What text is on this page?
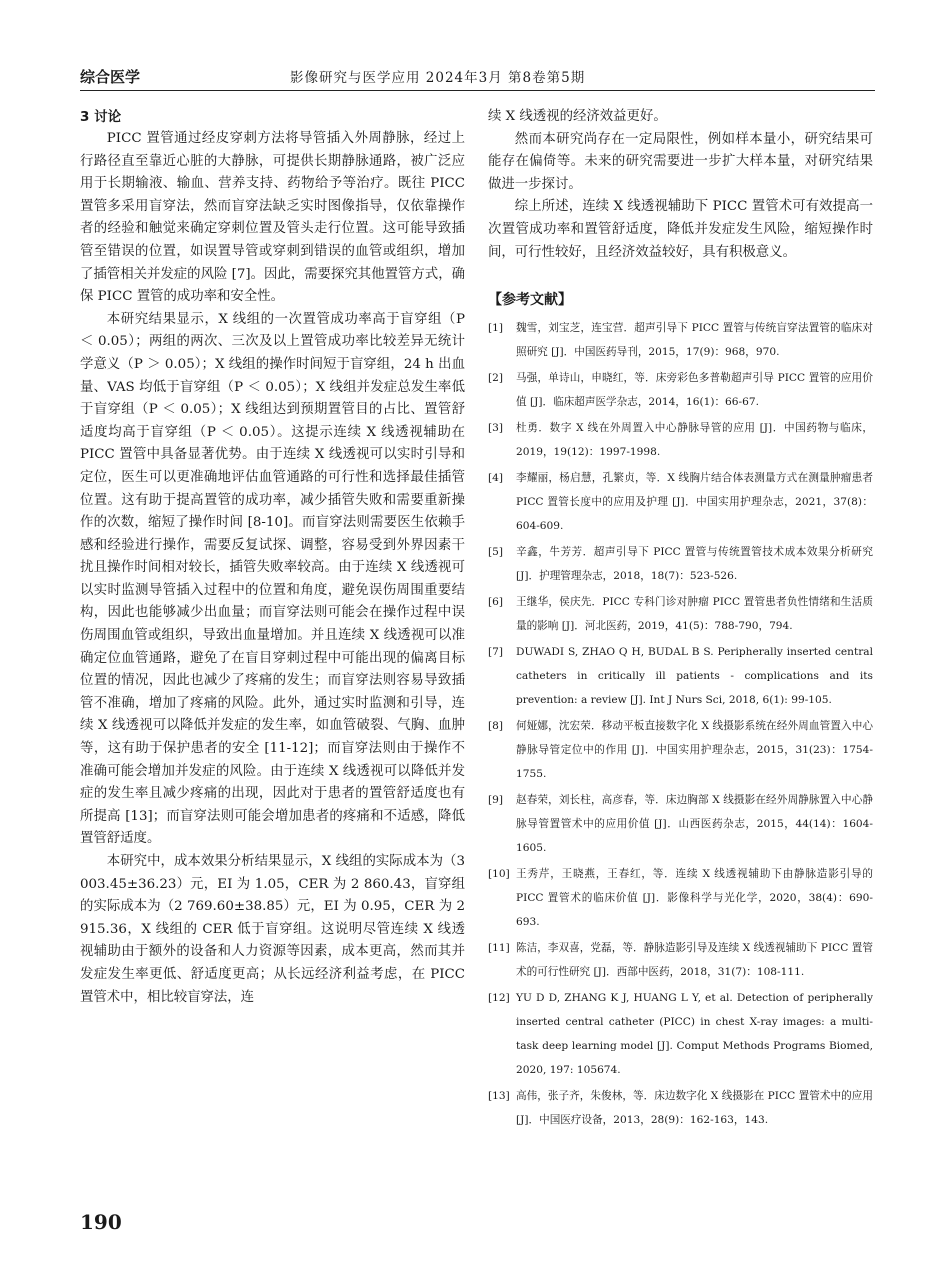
综合医学	影像研究与医学应用 2024年3月 第8卷第5期
3 讨论

PICC 置管通过经皮穿刺方法将导管插入外周静脉，经过上行路径直至靠近心脏的大静脉，可提供长期静脉通路，被广泛应用于长期输液、输血、营养支持、药物给予等治疗。既往 PICC 置管多采用盲穿法，然而盲穿法缺乏实时图像指导，仅依靠操作者的经验和触觉来确定穿刺位置及管头走行位置。这可能导致插管至错误的位置，如误置导管或穿刺到错误的血管或组织，增加了插管相关并发症的风险 [7]。因此，需要探究其他置管方式，确保 PICC 置管的成功率和安全性。

本研究结果显示，X 线组的一次置管成功率高于盲穿组（P ＜ 0.05）；两组的两次、三次及以上置管成功率比较差异无统计学意义（P ＞ 0.05）；X 线组的操作时间短于盲穿组，24 h 出血量、VAS 均低于盲穿组（P ＜ 0.05）；X 线组并发症总发生率低于盲穿组（P ＜ 0.05）；X 线组达到预期置管目的占比、置管舒适度均高于盲穿组（P ＜ 0.05）。这提示连续 X 线透视辅助在 PICC 置管中具备显著优势。由于连续 X 线透视可以实时引导和定位，医生可以更准确地评估血管通路的可行性和选择最佳插管位置。这有助于提高置管的成功率，减少插管失败和需要重新操作的次数，缩短了操作时间 [8-10]。而盲穿法则需要医生依赖手感和经验进行操作，需要反复试探、调整，容易受到外界因素干扰且操作时间相对较长，插管失败率较高。由于连续 X 线透视可以实时监测导管插入过程中的位置和角度，避免误伤周围重要结构，因此也能够减少出血量；而盲穿法则可能会在操作过程中误伤周围血管或组织，导致出血量增加。并且连续 X 线透视可以准确定位血管通路，避免了在盲目穿刺过程中可能出现的偏离目标位置的情况，因此也减少了疼痛的发生；而盲穿法则容易导致插管不准确，增加了疼痛的风险。此外，通过实时监测和引导，连续 X 线透视可以降低并发症的发生率，如血管破裂、气胸、血肿等，这有助于保护患者的安全 [11-12]；而盲穿法则由于操作不准确可能会增加并发症的风险。由于连续 X 线透视可以降低并发症的发生率且减少疼痛的出现，因此对于患者的置管舒适度也有所提高 [13]；而盲穿法则可能会增加患者的疼痛和不适感，降低置管舒适度。

本研究中，成本效果分析结果显示，X 线组的实际成本为（3 003.45±36.23）元，EI 为 1.05，CER 为 2 860.43，盲穿组的实际成本为（2 769.60±38.85）元，EI 为 0.95，CER 为 2 915.36，X 线组的 CER 低于盲穿组。这说明尽管连续 X 线透视辅助由于额外的设备和人力资源等因素，成本更高，然而其并发症发生率更低、舒适度更高；从长远经济利益考虑，在 PICC 置管术中，相比较盲穿法，连

续 X 线透视的经济效益更好。

然而本研究尚存在一定局限性，例如样本量小，研究结果可能存在偏倚等。未来的研究需要进一步扩大样本量，对研究结果做进一步探讨。

综上所述，连续 X 线透视辅助下 PICC 置管术可有效提高一次置管成功率和置管舒适度，降低并发症发生风险，缩短操作时间，可行性较好，且经济效益较好，具有积极意义。

【参考文献】
[1] 魏雪，刘宝芝，连宝营．超声引导下 PICC 置管与传统盲穿法置管的临床对照研究 [J]．中国医药导刊，2015，17(9)：968，970.
[2] 马强，单诗山，申晓红，等．床旁彩色多普勒超声引导 PICC 置管的应用价值 [J]．临床超声医学杂志，2014，16(1)：66-67.
[3] 杜勇．数字 X 线在外周置入中心静脉导管的应用 [J]．中国药物与临床，2019，19(12)：1997-1998.
[4] 李耀丽，杨启慧，孔繁贞，等．X 线胸片结合体表测量方式在测量肿瘤患者 PICC 置管长度中的应用及护理 [J]．中国实用护理杂志，2021，37(8)：604-609.
[5] 辛鑫，牛芳芳．超声引导下 PICC 置管与传统置管技术成本效果分析研究 [J]．护理管理杂志，2018，18(7)：523-526.
[6] 王继华，侯庆先．PICC 专科门诊对肿瘤 PICC 置管患者负性情绪和生活质量的影响 [J]．河北医药，2019，41(5)：788-790，794.
[7] DUWADI S, ZHAO Q H, BUDAL B S. Peripherally inserted central catheters in critically ill patients - complications and its prevention: a review [J]. Int J Nurs Sci, 2018, 6(1): 99-105.
[8] 何娅娜，沈宏荣．移动平板直接数字化 X 线摄影系统在经外周血管置入中心静脉导管定位中的作用 [J]．中国实用护理杂志，2015，31(23)：1754-1755.
[9] 赵春荣，刘长柱，高彦春，等．床边胸部 X 线摄影在经外周静脉置入中心静脉导管置管术中的应用价值 [J]．山西医药杂志，2015，44(14)：1604-1605.
[10] 王秀芹，王晓燕，王春红，等．连续 X 线透视辅助下由静脉造影引导的 PICC 置管术的临床价值 [J]．影像科学与光化学，2020，38(4)：690-693.
[11] 陈洁，李双喜，党磊，等．静脉造影引导及连续 X 线透视辅助下 PICC 置管术的可行性研究 [J]．西部中医药，2018，31(7)：108-111.
[12] YU D D, ZHANG K J, HUANG L Y, et al. Detection of peripherally inserted central catheter (PICC) in chest X-ray images: a multi-task deep learning model [J]. Comput Methods Programs Biomed, 2020, 197: 105674.
[13] 高伟，张子齐，朱俊林，等．床边数字化 X 线摄影在 PICC 置管术中的应用 [J]．中国医疗设备，2013，28(9)：162-163，143.
190
